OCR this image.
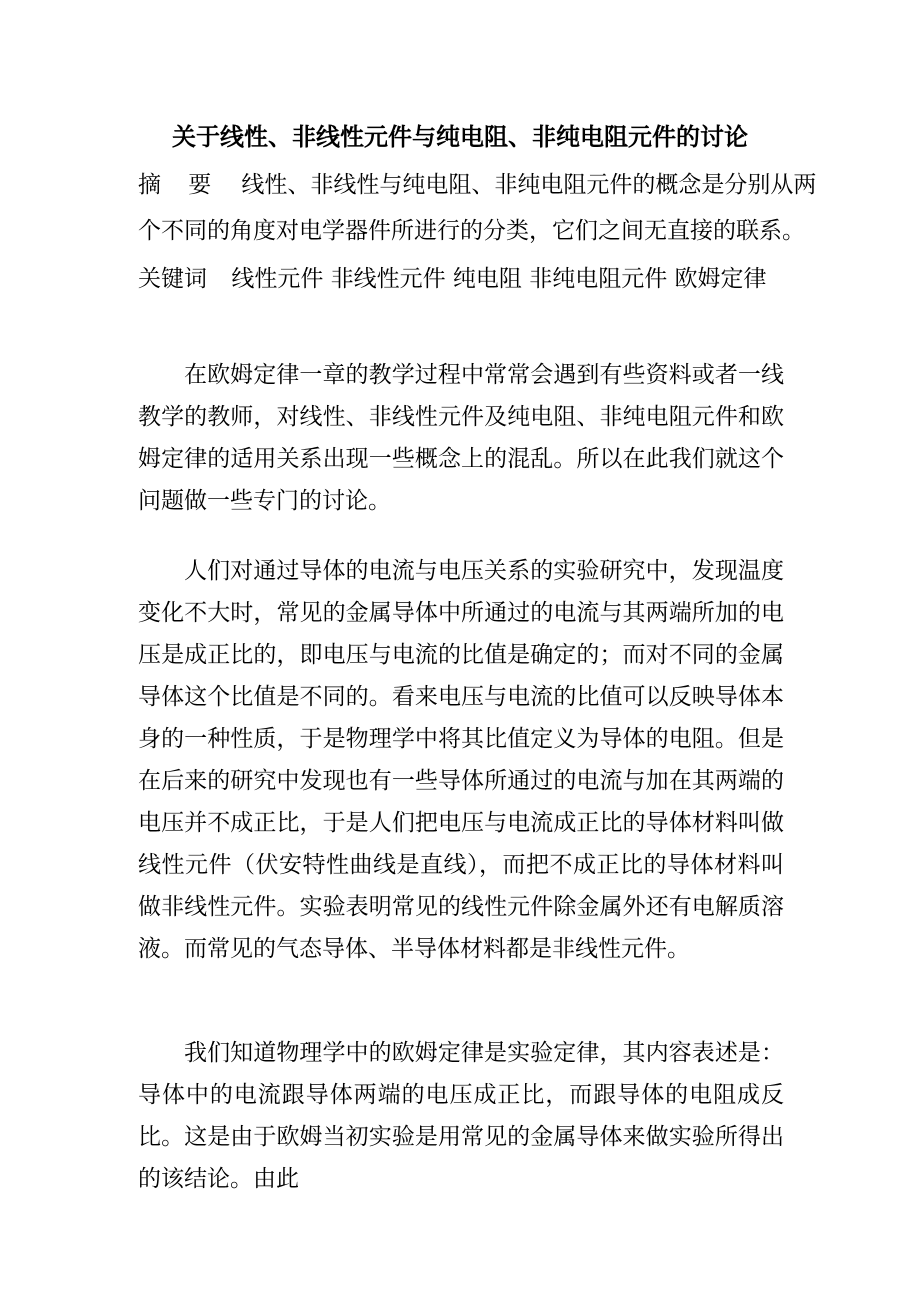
关于线性、非线性元件与纯电阻、非纯电阻元件的讨论
摘 要 线性、非线性与纯电阻、非纯电阻元件的概念是分别从两
个不同的角度对电学器件所进行的分类，它们之间无直接的联系。
关键词 线性元件 非线性元件 纯电阻 非纯电阻元件 欧姆定律

在欧姆定律一章的教学过程中常常会遇到有些资料或者一线教学的教师，对线性、非线性元件及纯电阻、非纯电阻元件和欧姆定律的适用关系出现一些概念上的混乱。所以在此我们就这个问题做一些专门的讨论。

人们对通过导体的电流与电压关系的实验研究中，发现温度变化不大时，常见的金属导体中所通过的电流与其两端所加的电压是成正比的，即电压与电流的比值是确定的；而对不同的金属导体这个比值是不同的。看来电压与电流的比值可以反映导体本身的一种性质，于是物理学中将其比值定义为导体的电阻。但是在后来的研究中发现也有一些导体所通过的电流与加在其两端的电压并不成正比，于是人们把电压与电流成正比的导体材料叫做线性元件（伏安特性曲线是直线），而把不成正比的导体材料叫做非线性元件。实验表明常见的线性元件除金属外还有电解质溶液。而常见的气态导体、半导体材料都是非线性元件。

我们知道物理学中的欧姆定律是实验定律，其内容表述是：导体中的电流跟导体两端的电压成正比，而跟导体的电阻成反比。这是由于欧姆当初实验是用常见的金属导体来做实验所得出的该结论。由此
